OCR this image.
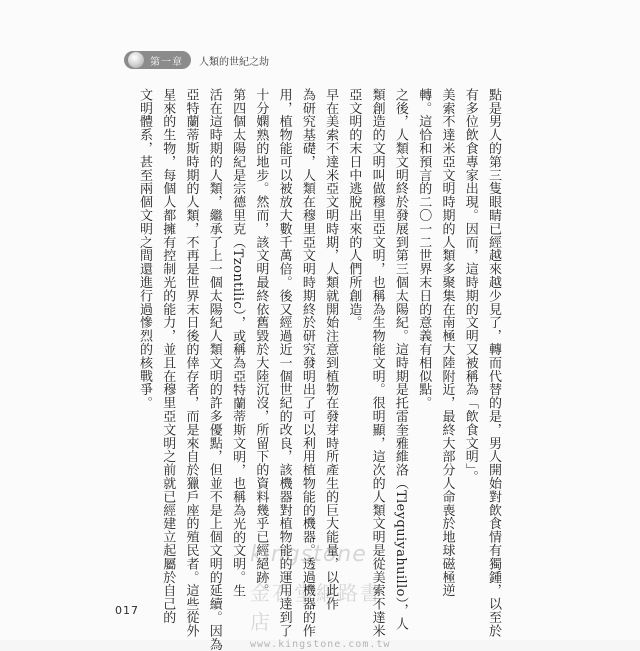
第一章 人類的世紀之劫
點是男人的第三隻眼睛已經越來越少見了，轉而代替的是，男人開始對飲食情有獨鍾，以至於
有多位飲食專家出現。因而，這時期的文明又被稱為「飲食文明」。
美索不達米亞文明時期的人類多聚集在南極大陸附近，最終大部分人命喪於地球磁極逆
轉。這恰和預言的二〇一二世界末日的意義有相似點。
之後，人類文明終於發展到第三個太陽紀。這時期是托雷奎雅維洛（Tleyquiyahuillo），人
類創造的文明叫做穆里亞文明，也稱為生物能文明。很明顯，這次的人類文明是從美索不達米
亞文明的末日中逃脫出來的人們所創造。
早在美索不達米亞文明時期，人類就開始注意到植物在發芽時所產生的巨大能量，以此作
為研究基礎，人類在穆里亞文明時期終於研究發明出了可以利用植物能的機器。透過機器的作
用，植物能可以被放大數千萬倍。後又經過近一個世紀的改良，該機器對植物能的運用達到了
十分嫻熟的地步。然而，該文明最終依舊毀於大陸沉沒，所留下的資料幾乎已經絕跡。
第四個太陽紀是宗德里克（Tzontilic），或稱為亞特蘭蒂斯文明，也稱為光的文明。生
活在這時期的人類，繼承了上一個太陽紀人類文明的許多優點，但並不是上個文明的延續。因為
亞特蘭蒂斯時期的人類，不再是世界末日後的倖存者，而是來自於獵戶座的殖民者。這些從外
星來的生物，每個人都擁有控制光的能力，並且在穆里亞文明之前就已經建立起屬於自己的
文明體系，甚至兩個文明之間還進行過慘烈的核戰爭。
kingstone
金石堂網路書店
www.kingstone.com.tw
017
